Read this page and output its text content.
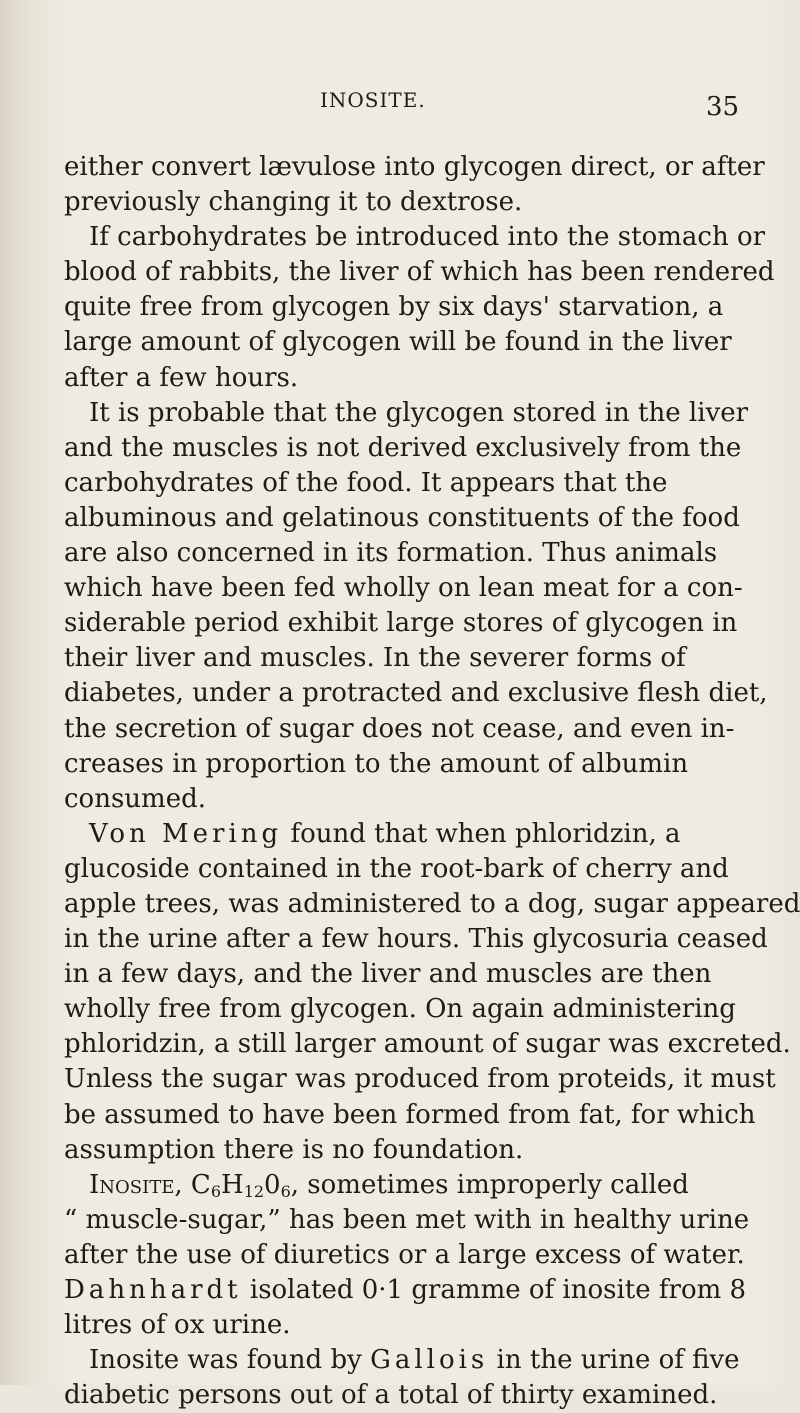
INOSITE.	35
either convert lævulose into glycogen direct, or after
previously changing it to dextrose.
If carbohydrates be introduced into the stomach or
blood of rabbits, the liver of which has been rendered
quite free from glycogen by six days' starvation, a
large amount of glycogen will be found in the liver
after a few hours.
It is probable that the glycogen stored in the liver
and the muscles is not derived exclusively from the
carbohydrates of the food. It appears that the
albuminous and gelatinous constituents of the food
are also concerned in its formation. Thus animals
which have been fed wholly on lean meat for a con-
siderable period exhibit large stores of glycogen in
their liver and muscles. In the severer forms of
diabetes, under a protracted and exclusive flesh diet,
the secretion of sugar does not cease, and even in-
creases in proportion to the amount of albumin
consumed.
Von Mering found that when phloridzin, a
glucoside contained in the root-bark of cherry and
apple trees, was administered to a dog, sugar appeared
in the urine after a few hours. This glycosuria ceased
in a few days, and the liver and muscles are then
wholly free from glycogen. On again administering
phloridzin, a still larger amount of sugar was excreted.
Unless the sugar was produced from proteids, it must
be assumed to have been formed from fat, for which
assumption there is no foundation.
Inosite, $C_6H_{12}0_6$, sometimes improperly called
“ muscle-sugar,” has been met with in healthy urine
after the use of diuretics or a large excess of water.
Dahnhardt isolated 0·1 gramme of inosite from 8
litres of ox urine.
Inosite was found by Gallois in the urine of five
diabetic persons out of a total of thirty examined.
